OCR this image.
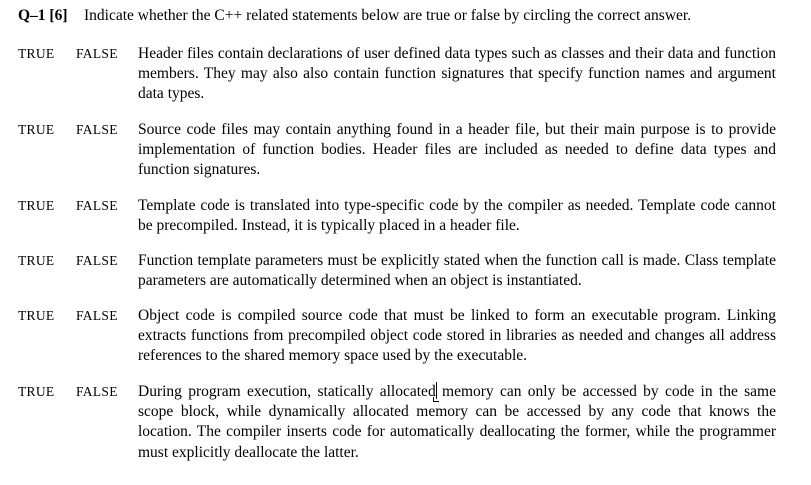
Q–1 [6] Indicate whether the C++ related statements below are true or false by circling the correct answer.
TRUE FALSE Header files contain declarations of user defined data types such as classes and their data and function members. They may also also contain function signatures that specify function names and argument data types.
TRUE FALSE Source code files may contain anything found in a header file, but their main purpose is to provide implementation of function bodies. Header files are included as needed to define data types and function signatures.
TRUE FALSE Template code is translated into type-specific code by the compiler as needed. Template code cannot be precompiled. Instead, it is typically placed in a header file.
TRUE FALSE Function template parameters must be explicitly stated when the function call is made. Class template parameters are automatically determined when an object is instantiated.
TRUE FALSE Object code is compiled source code that must be linked to form an executable program. Linking extracts functions from precompiled object code stored in libraries as needed and changes all address references to the shared memory space used by the executable.
TRUE FALSE During program execution, statically allocated memory can only be accessed by code in the same scope block, while dynamically allocated memory can be accessed by any code that knows the location. The compiler inserts code for automatically deallocating the former, while the programmer must explicitly deallocate the latter.
